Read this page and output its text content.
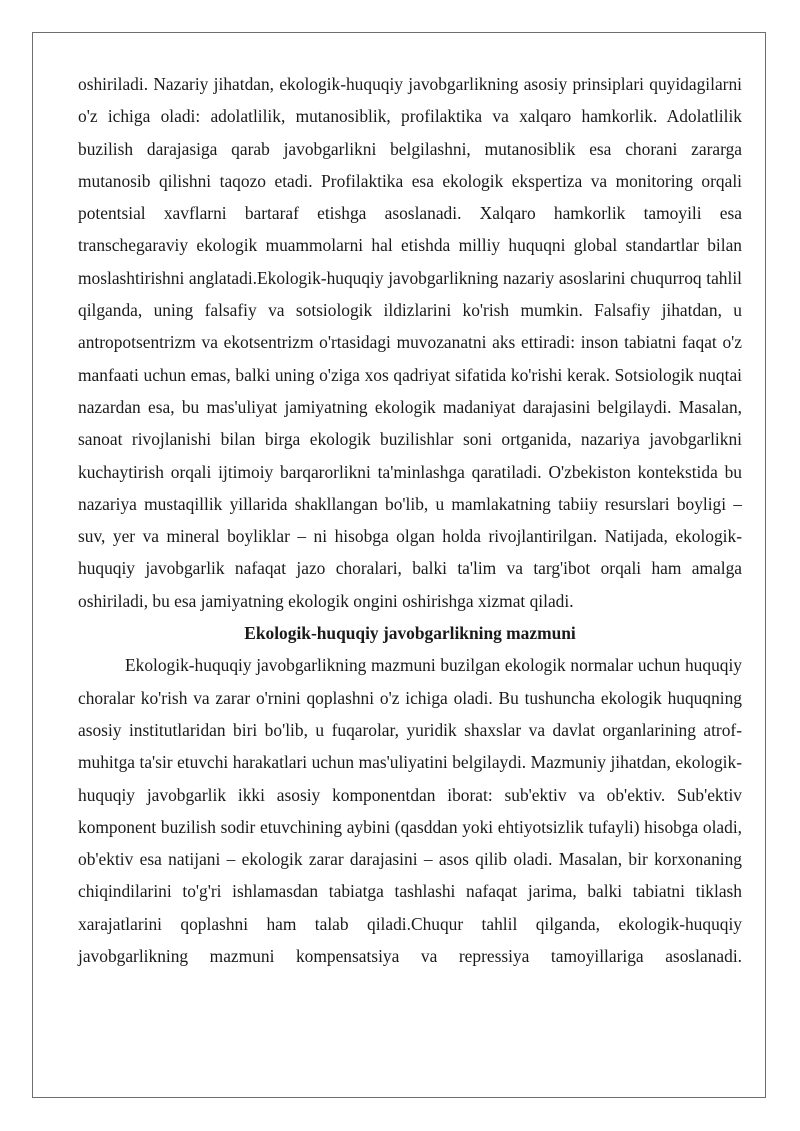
oshiriladi. Nazariy jihatdan, ekologik-huquqiy javobgarlikning asosiy prinsiplari quyidagilarni o'z ichiga oladi: adolatlilik, mutanosiblik, profilaktika va xalqaro hamkorlik. Adolatlilik buzilish darajasiga qarab javobgarlikni belgilashni, mutanosiblik esa chorani zararga mutanosib qilishni taqozo etadi. Profilaktika esa ekologik ekspertiza va monitoring orqali potentsial xavflarni bartaraf etishga asoslanadi. Xalqaro hamkorlik tamoyili esa transchegaraviy ekologik muammolarni hal etishda milliy huquqni global standartlar bilan moslashtirishni anglatadi.Ekologik-huquqiy javobgarlikning nazariy asoslarini chuqurroq tahlil qilganda, uning falsafiy va sotsiologik ildizlarini ko'rish mumkin. Falsafiy jihatdan, u antropotsentrizm va ekotsentrizm o'rtasidagi muvozanatni aks ettiradi: inson tabiatni faqat o'z manfaati uchun emas, balki uning o'ziga xos qadriyat sifatida ko'rishi kerak. Sotsiologik nuqtai nazardan esa, bu mas'uliyat jamiyatning ekologik madaniyat darajasini belgilaydi. Masalan, sanoat rivojlanishi bilan birga ekologik buzilishlar soni ortganida, nazariya javobgarlikni kuchaytirish orqali ijtimoiy barqarorlikni ta'minlashga qaratiladi. O'zbekiston kontekstida bu nazariya mustaqillik yillarida shakllangan bo'lib, u mamlakatning tabiiy resurslari boyligi – suv, yer va mineral boyliklar – ni hisobga olgan holda rivojlantirilgan. Natijada, ekologik-huquqiy javobgarlik nafaqat jazo choralari, balki ta'lim va targ'ibot orqali ham amalga oshiriladi, bu esa jamiyatning ekologik ongini oshirishga xizmat qiladi.

Ekologik-huquqiy javobgarlikning mazmuni

Ekologik-huquqiy javobgarlikning mazmuni buzilgan ekologik normalar uchun huquqiy choralar ko'rish va zarar o'rnini qoplashni o'z ichiga oladi. Bu tushuncha ekologik huquqning asosiy institutlaridan biri bo'lib, u fuqarolar, yuridik shaxslar va davlat organlarining atrof-muhitga ta'sir etuvchi harakatlari uchun mas'uliyatini belgilaydi. Mazmuniy jihatdan, ekologik-huquqiy javobgarlik ikki asosiy komponentdan iborat: sub'ektiv va ob'ektiv. Sub'ektiv komponent buzilish sodir etuvchining aybini (qasddan yoki ehtiyotsizlik tufayli) hisobga oladi, ob'ektiv esa natijani – ekologik zarar darajasini – asos qilib oladi. Masalan, bir korxonaning chiqindilarini to'g'ri ishlamasdan tabiatga tashlashi nafaqat jarima, balki tabiatni tiklash xarajatlarini qoplashni ham talab qiladi.Chuqur tahlil qilganda, ekologik-huquqiy javobgarlikning mazmuni kompensatsiya va repressiya tamoyillariga asoslanadi.
